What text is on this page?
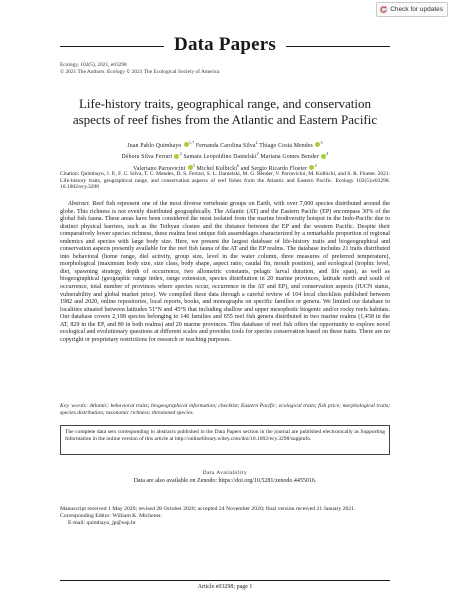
Check for updates
Data Papers
Ecology, 102(5), 2021, e03298
© 2021 The Authors. Ecology © 2021 The Ecological Society of America
Life-history traits, geographical range, and conservation aspects of reef fishes from the Atlantic and Eastern Pacific
Juan Pablo Quimbayo $^{1,7}$ Fernanda Carolina Silva$^2$ Thiago Costa Mendes $^3$
Débora Silva Ferrari $^2$ Samara Leopoldino Danielski$^2$ Mariana Gomes Bender $^4$
Valeriano Parravicini $^5$ Michel Kulbicki$^6$ and Sergio Ricardo Floeter $^2$
Citation: Quimbayo, J. P., F. C. Silva, T. C. Mendes, D. S. Ferrari, S. L. Danielski, M. G. Bender, V. Parravicini, M. Kulbicki, and S. R. Floeter. 2021. Life-history traits, geographical range, and conservation aspects of reef fishes from the Atlantic and Eastern Pacific. Ecology 102(5):e03298. 10.1002/ecy.3298
Abstract. Reef fish represent one of the most diverse vertebrate groups on Earth, with over 7,000 species distributed around the globe. This richness is not evenly distributed geographically. The Atlantic (AT) and the Eastern Pacific (EP) encompass 30% of the global fish fauna. These areas have been considered the most isolated from the marine biodiversity hotspot in the Indo-Pacific due to distinct physical barriers, such as the Tethyan closure and the distance between the EP and the western Pacific. Despite their comparatively lower species richness, these realms host unique fish assemblages characterized by a remarkable proportion of regional endemics and species with large body size. Here, we present the largest database of life-history traits and biogeographical and conservation aspects presently available for the reef fish fauna of the AT and the EP realms. The database includes 21 traits distributed into behavioral (home range, diel activity, group size, level in the water column, three measures of preferred temperature), morphological (maximum body size, size class, body shape, aspect ratio, caudal fin, mouth position), and ecological (trophic level, diet, spawning strategy, depth of occurrence, two allometric constants, pelagic larval duration, and life span), as well as biogeographical (geographic range index, range extension, species distribution in 20 marine provinces, latitude north and south of occurrence, total number of provinces where species occur, occurrence in the AT and EP), and conservation aspects (IUCN status, vulnerability and global market price). We compiled these data through a careful review of 104 local checklists published between 1982 and 2020, online repositories, local reports, books, and monographs on specific families or genera. We limited our database to localities situated between latitudes 51°N and 45°S that including shallow and upper mesophotic biogenic and/or rocky reefs habitats. Our database covers 2,198 species belonging to 146 families and 655 reef fish genera distributed in two marine realms (1,458 in the AT, 829 in the EP, and 89 in both realms) and 20 marine provinces. This database of reef fish offers the opportunity to explore novel ecological and evolutionary questions at different scales and provides tools for species conservation based on these traits. There are no copyright or proprietary restrictions for research or teaching purposes.
Key words: Atlantic; behavioral traits; biogeographical information; checklist; Eastern Pacific; ecological traits; fish price; morphological traits; species distribution; taxonomic richness; threatened species.
The complete data sets corresponding to abstracts published in the Data Papers section in the journal are published electronically as Supporting Information in the online version of this article at http://onlinelibrary.wiley.com/doi/10.1002/ecy.3298/suppinfo.
Data Availability
Data are also available on Zenodo: https://doi.org/10.5281/zenodo.4455016.

Manuscript received 1 May 2020; revised 28 October 2020; accepted 24 November 2020; final version received 21 January 2021. Corresponding Editor: William K. Michener.

E-mail: quimbayo_jp@usp.br

Article e03298; page 1
